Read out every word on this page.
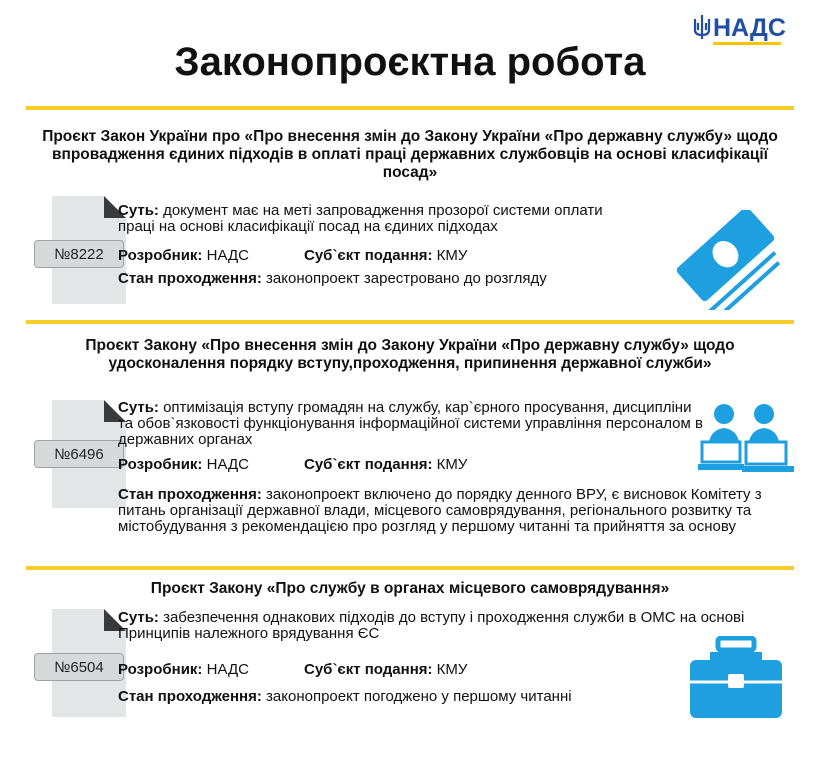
НАДС
Законопроєктна робота
Проєкт Закон України про «Про внесення змін до Закону України «Про державну службу» щодо впровадження єдиних підходів в оплаті праці державних службовців на основі класифікації посад»
№8222
Суть: документ має на меті запровадження прозорої системи оплати праці на основі класифікації посад на єдиних підходах
Розробник: НАДС	Суб`єкт подання: КМУ
Стан проходження: законопроект зарестровано до розгляду
Проєкт Закону «Про внесення змін до Закону України «Про державну службу» щодо удосконалення порядку вступу,проходження, припинення державної служби»
№6496
Суть: оптимізація вступу громадян на службу, кар`єрного просування, дисципліни та обов`язковості функціонування інформаційної системи управління персоналом в державних органах
Розробник: НАДС	Суб`єкт подання: КМУ
Стан проходження: законопроект включено до порядку денного ВРУ, є висновок Комітету з питань організації державної влади, місцевого самоврядування, регіонального розвитку та містобудування з рекомендацією про розгляд у першому читанні та прийняття за основу
Проєкт Закону «Про службу в органах місцевого самоврядування»
№6504
Суть: забезпечення однакових підходів до вступу і проходження служби в ОМС на основі Принципів належного врядування ЄС
Розробник: НАДС	Суб`єкт подання: КМУ
Стан проходження: законопроект погоджено у першому читанні
